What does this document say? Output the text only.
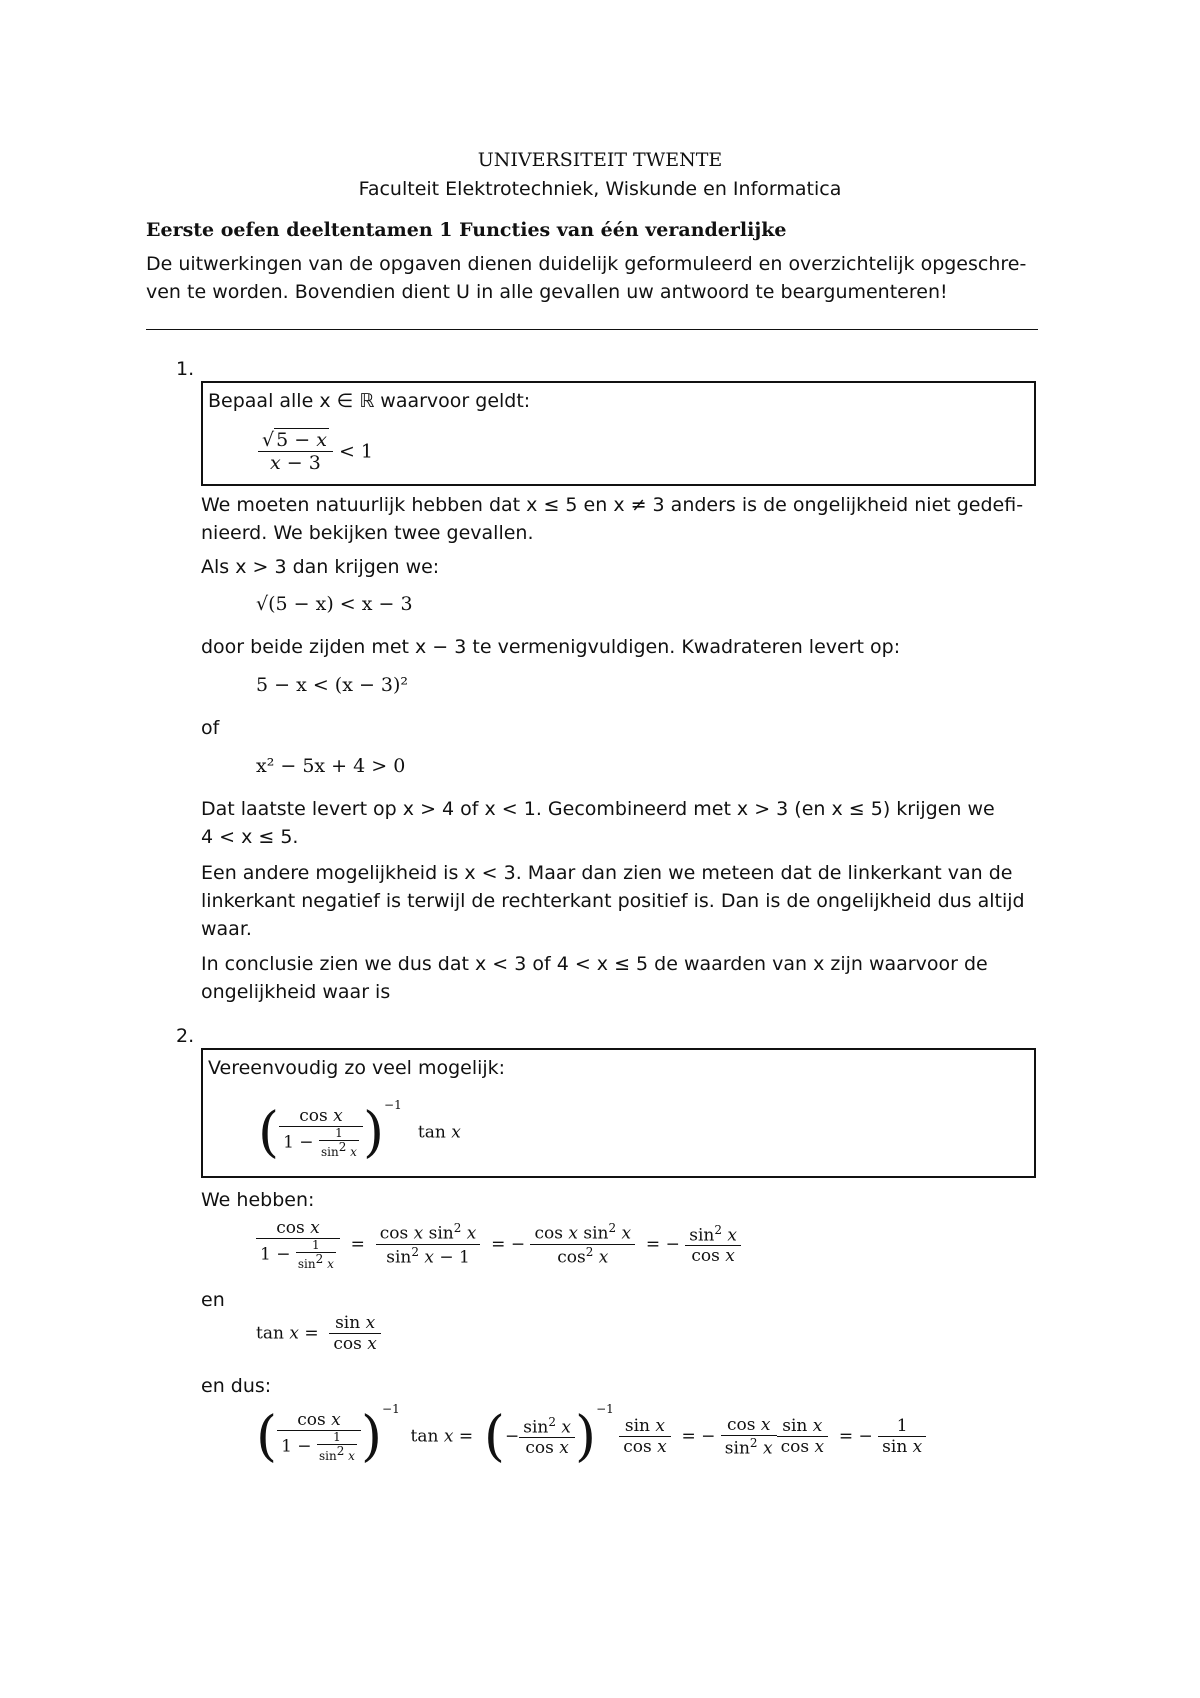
UNIVERSITEIT TWENTE
Faculteit Elektrotechniek, Wiskunde en Informatica
Eerste oefen deeltentamen 1 Functies van één veranderlijke
De uitwerkingen van de opgaven dienen duidelijk geformuleerd en overzichtelijk opgeschre-
ven te worden. Bovendien dient U in alle gevallen uw antwoord te beargumenteren!
1.
Bepaal alle x ∈ ℝ waarvoor geldt:
$\frac{√ 5 - x}{x - 3} < 1$
We moeten natuurlijk hebben dat x ≤ 5 en x ≠ 3 anders is de ongelijkheid niet gedefi-
nieerd. We bekijken twee gevallen.
Als x > 3 dan krijgen we:
√(5 − x) < x − 3
door beide zijden met x − 3 te vermenigvuldigen. Kwadrateren levert op:
5 − x < (x − 3)²
of
x² − 5x + 4 > 0
Dat laatste levert op x > 4 of x < 1. Gecombineerd met x > 3 (en x ≤ 5) krijgen we
4 < x ≤ 5.
Een andere mogelijkheid is x < 3. Maar dan zien we meteen dat de linkerkant van de
linkerkant negatief is terwijl de rechterkant positief is. Dan is de ongelijkheid dus altijd
waar.
In conclusie zien we dus dat x < 3 of 4 < x ≤ 5 de waarden van x zijn waarvoor de
ongelijkheid waar is
2.
Vereenvoudig zo veel mogelijk:
( $\frac{\text{cos x}}{1 - \frac{1}{\sin^2 x}} )^{-1}$   tan x
We hebben:
$\frac{\text{cos x}}{1 - \frac{1}{\sin^2 x}} = \frac{\cos x \sin^2 x}{\sin^2 x - 1}$ = − $\frac{\cos x \sin^2 x}{\cos^2 x}$ = − $\frac{\sin^2 x}{\text{cos x}}$
en
$\tan x = \frac{\text{sin x}}{\text{cos x}}$
en dus:
( $\frac{\text{cos x}}{1 - \frac{1}{\sin^2 x}} )^{-1}$  tan x =  (− $\frac{\sin^2 x}{\text{cos x}} )^{-1}$
$\frac{\text{sin x}}{\text{cos x}}$ = − $\frac{\text{cos x}}{\sin^2 x} \frac{\text{sin x}}{\text{cos x}}$ = − $\frac{1}{\text{sin x}}$
